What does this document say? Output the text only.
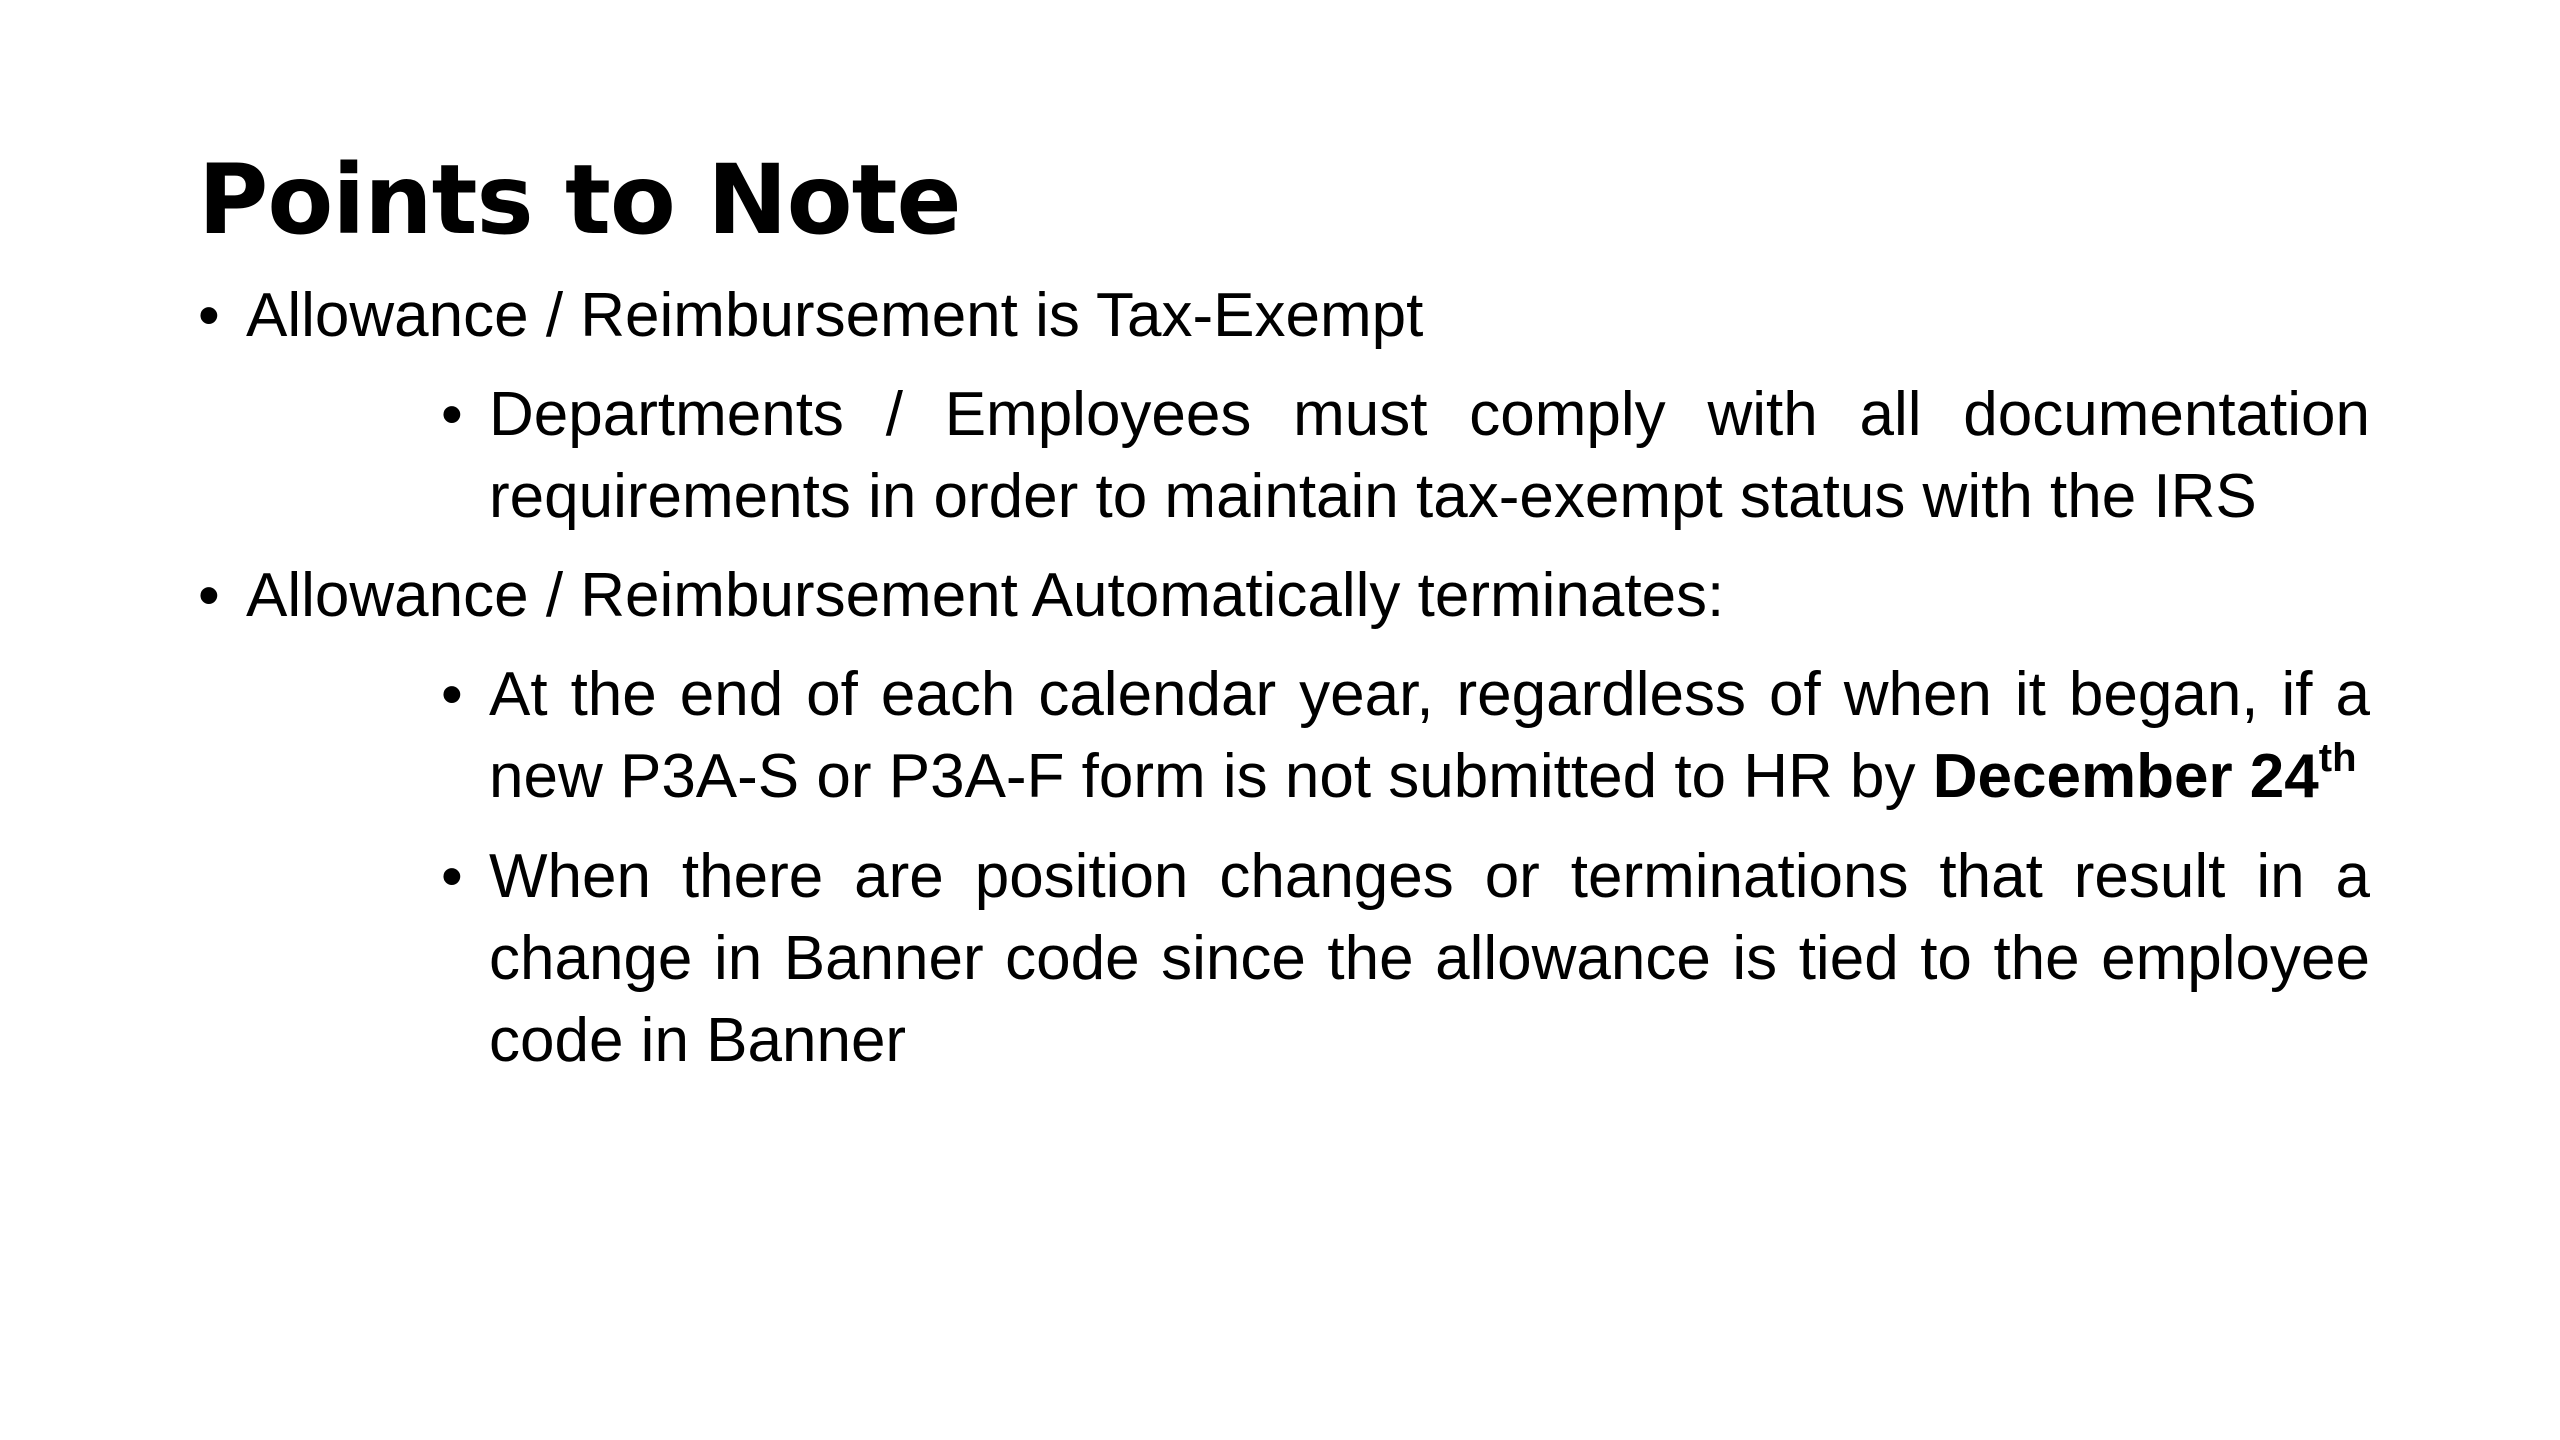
Points to Note
• Allowance / Reimbursement is Tax-Exempt
• Departments / Employees must comply with all documentation requirements in order to maintain tax-exempt status with the IRS
• Allowance / Reimbursement Automatically terminates:
• At the end of each calendar year, regardless of when it began, if a new P3A-S or P3A-F form is not submitted to HR by December 24th
• When there are position changes or terminations that result in a change in Banner code since the allowance is tied to the employee code in Banner
